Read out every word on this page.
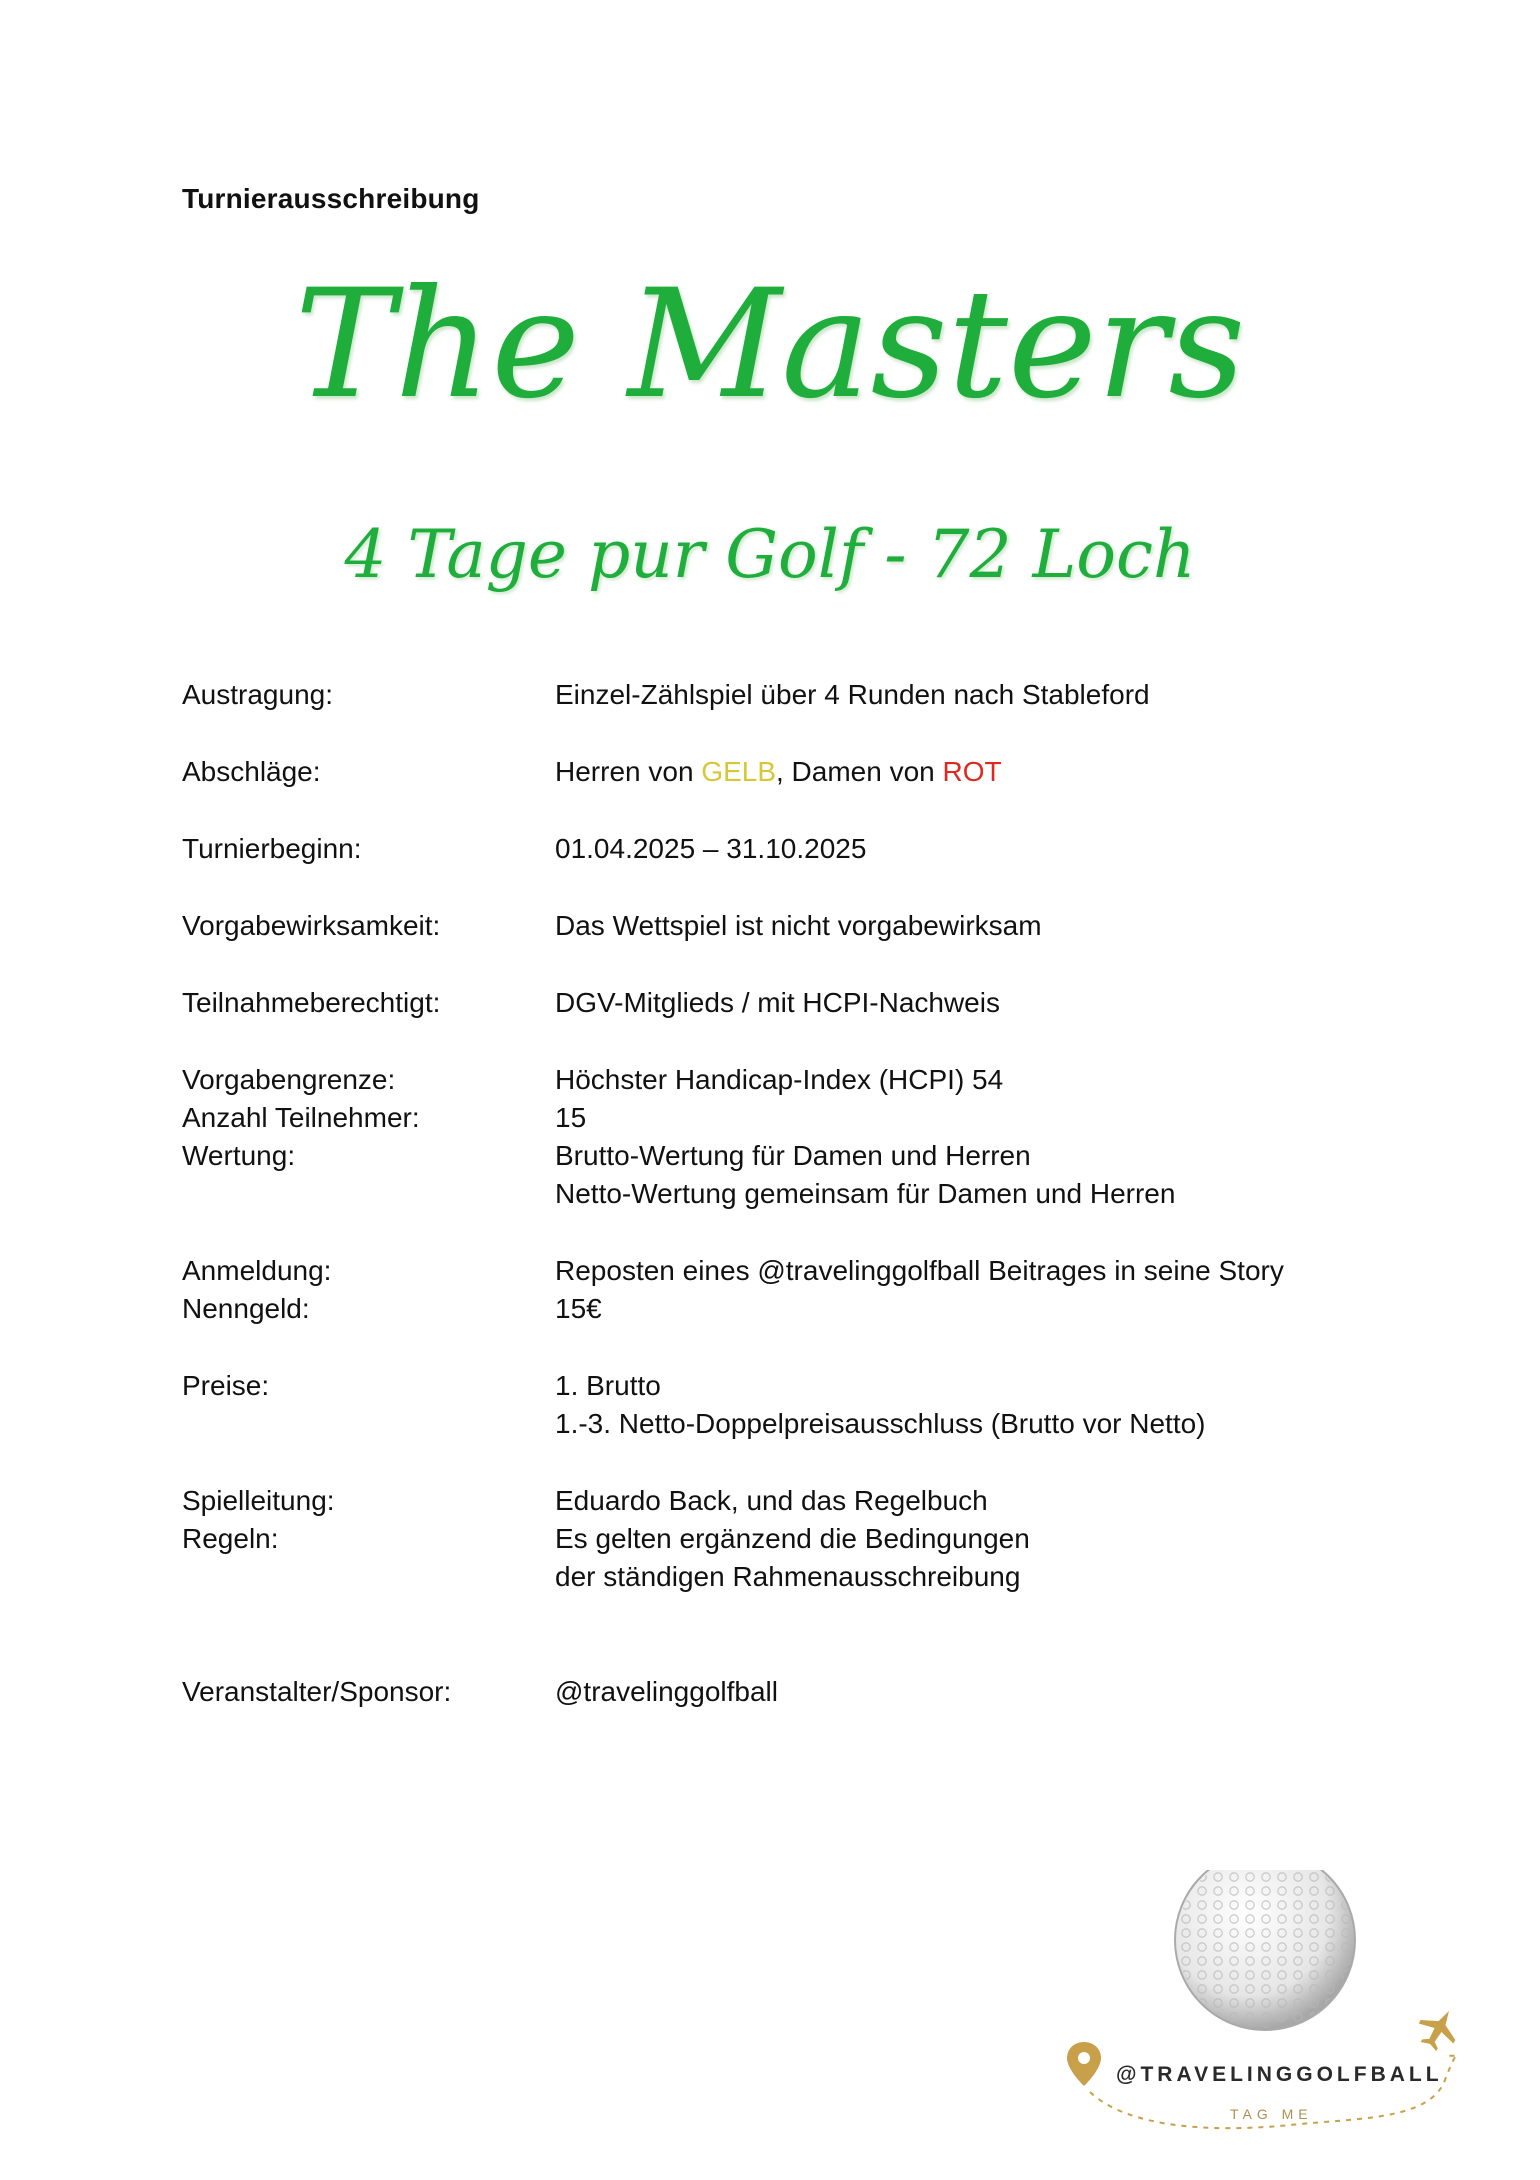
Turnierausschreibung
The Masters
4 Tage pur Golf - 72 Loch
Austragung:	Einzel-Zählspiel über 4 Runden nach Stableford
Abschläge:	Herren von GELB, Damen von ROT
Turnierbeginn:	01.04.2025 – 31.10.2025
Vorgabewirksamkeit:	Das Wettspiel ist nicht vorgabewirksam
Teilnahmeberechtigt:	DGV-Mitglieds / mit HCPI-Nachweis
Vorgabengrenze:	Höchster Handicap-Index (HCPI) 54
Anzahl Teilnehmer:	15
Wertung:	Brutto-Wertung für Damen und Herren
Netto-Wertung gemeinsam für Damen und Herren
Anmeldung:	Reposten eines @travelinggolfball Beitrages in seine Story
Nenngeld:	15€
Preise:	1. Brutto
1.-3. Netto-Doppelpreisausschluss (Brutto vor Netto)
Spielleitung:	Eduardo Back, und das Regelbuch
Regeln:	Es gelten ergänzend die Bedingungen
der ständigen Rahmenausschreibung
Veranstalter/Sponsor:	@travelinggolfball
@TRAVELINGGOLFBALL
TAG ME
